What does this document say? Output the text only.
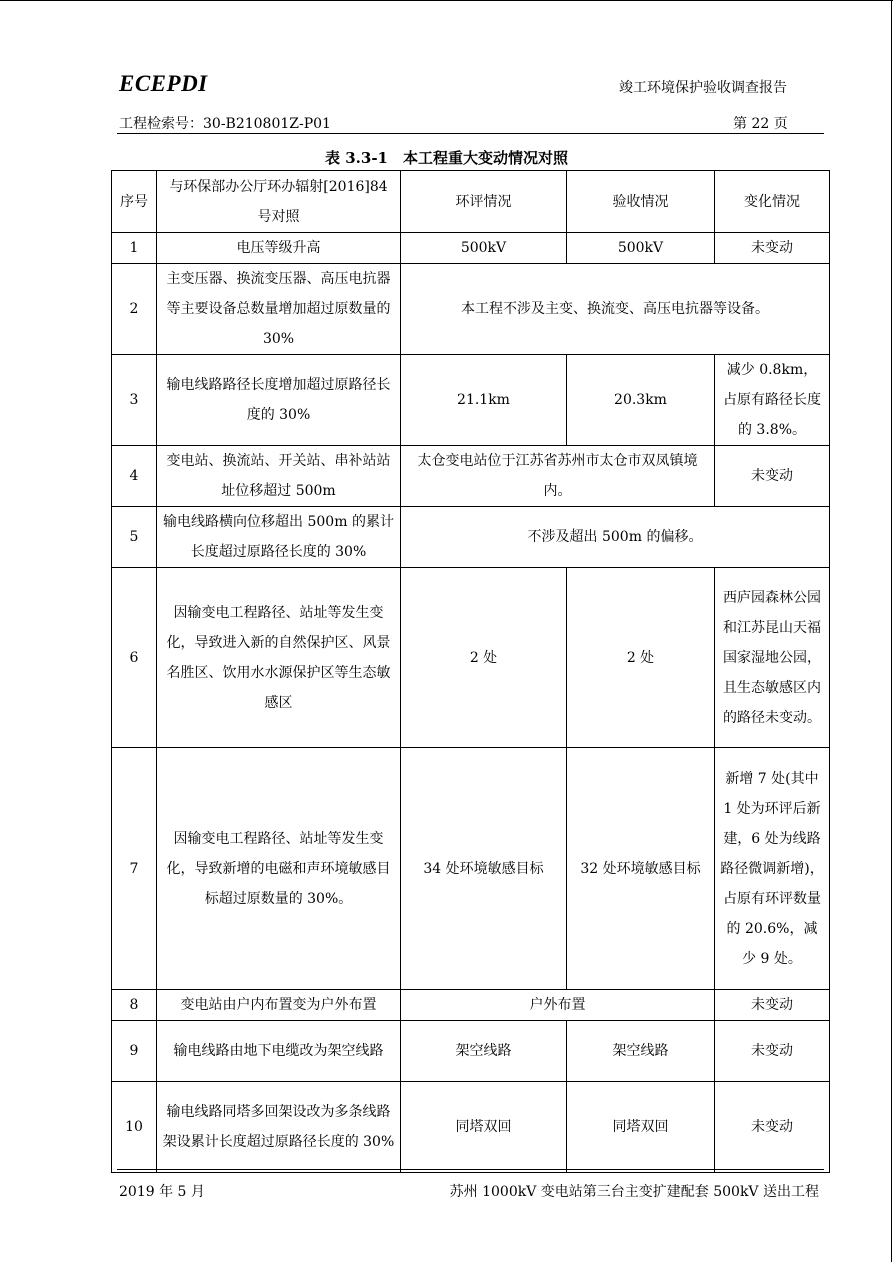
ECEPDI	竣工环境保护验收调查报告
工程检索号：30-B210801Z-P01	第 22 页
表 3.3-1　本工程重大变动情况对照
序号	与环保部办公厅环办辐射[2016]84 号对照	环评情况	验收情况	变化情况
1	电压等级升高	500kV	500kV	未变动
2	主变压器、换流变压器、高压电抗器等主要设备总数量增加超过原数量的 30%	本工程不涉及主变、换流变、高压电抗器等设备。		
3	输电线路路径长度增加超过原路径长度的 30%	21.1km	20.3km	减少 0.8km，占原有路径长度的 3.8%。
4	变电站、换流站、开关站、串补站站址位移超过 500m	太仓变电站位于江苏省苏州市太仓市双凤镇境内。		未变动
5	输电线路横向位移超出 500m 的累计长度超过原路径长度的 30%	不涉及超出 500m 的偏移。		
6	因输变电工程路径、站址等发生变化，导致进入新的自然保护区、风景名胜区、饮用水水源保护区等生态敏感区	2 处	2 处	西庐园森林公园和江苏昆山天福国家湿地公园，且生态敏感区内的路径未变动。
7	因输变电工程路径、站址等发生变化，导致新增的电磁和声环境敏感目标超过原数量的 30%。	34 处环境敏感目标	32 处环境敏感目标	新增 7 处(其中 1 处为环评后新建，6 处为线路路径微调新增)，占原有环评数量的 20.6%，减少 9 处。
8	变电站由户内布置变为户外布置	户外布置		未变动
9	输电线路由地下电缆改为架空线路	架空线路	架空线路	未变动
10	输电线路同塔多回架设改为多条线路架设累计长度超过原路径长度的 30%	同塔双回	同塔双回	未变动
2019 年 5 月	苏州 1000kV 变电站第三台主变扩建配套 500kV 送出工程
